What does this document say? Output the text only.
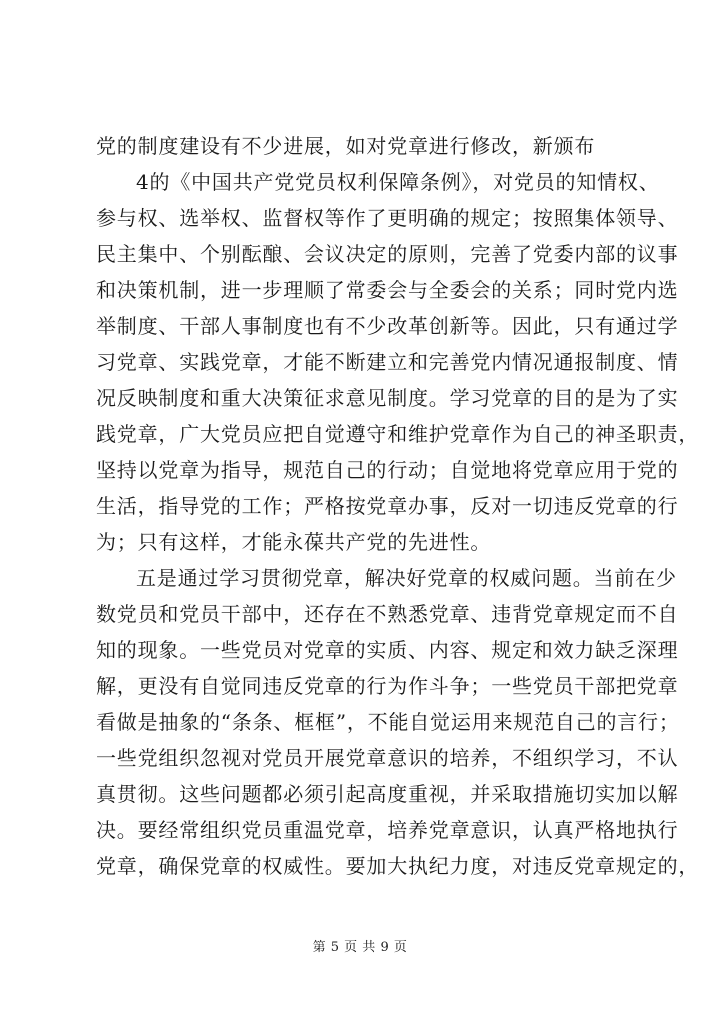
党的制度建设有不少进展，如对党章进行修改，新颁布
4的《中国共产党党员权利保障条例》，对党员的知情权、
参与权、选举权、监督权等作了更明确的规定；按照集体领导、
民主集中、个别酝酿、会议决定的原则，完善了党委内部的议事
和决策机制，进一步理顺了常委会与全委会的关系；同时党内选
举制度、干部人事制度也有不少改革创新等。因此，只有通过学
习党章、实践党章，才能不断建立和完善党内情况通报制度、情
况反映制度和重大决策征求意见制度。学习党章的目的是为了实
践党章，广大党员应把自觉遵守和维护党章作为自己的神圣职责，
坚持以党章为指导，规范自己的行动；自觉地将党章应用于党的
生活，指导党的工作；严格按党章办事，反对一切违反党章的行
为；只有这样，才能永葆共产党的先进性。
五是通过学习贯彻党章，解决好党章的权威问题。当前在少
数党员和党员干部中，还存在不熟悉党章、违背党章规定而不自
知的现象。一些党员对党章的实质、内容、规定和效力缺乏深理
解，更没有自觉同违反党章的行为作斗争；一些党员干部把党章
看做是抽象的“条条、框框”，不能自觉运用来规范自己的言行；
一些党组织忽视对党员开展党章意识的培养，不组织学习，不认
真贯彻。这些问题都必须引起高度重视，并采取措施切实加以解
决。要经常组织党员重温党章，培养党章意识，认真严格地执行
党章，确保党章的权威性。要加大执纪力度，对违反党章规定的，
第 5 页 共 9 页
